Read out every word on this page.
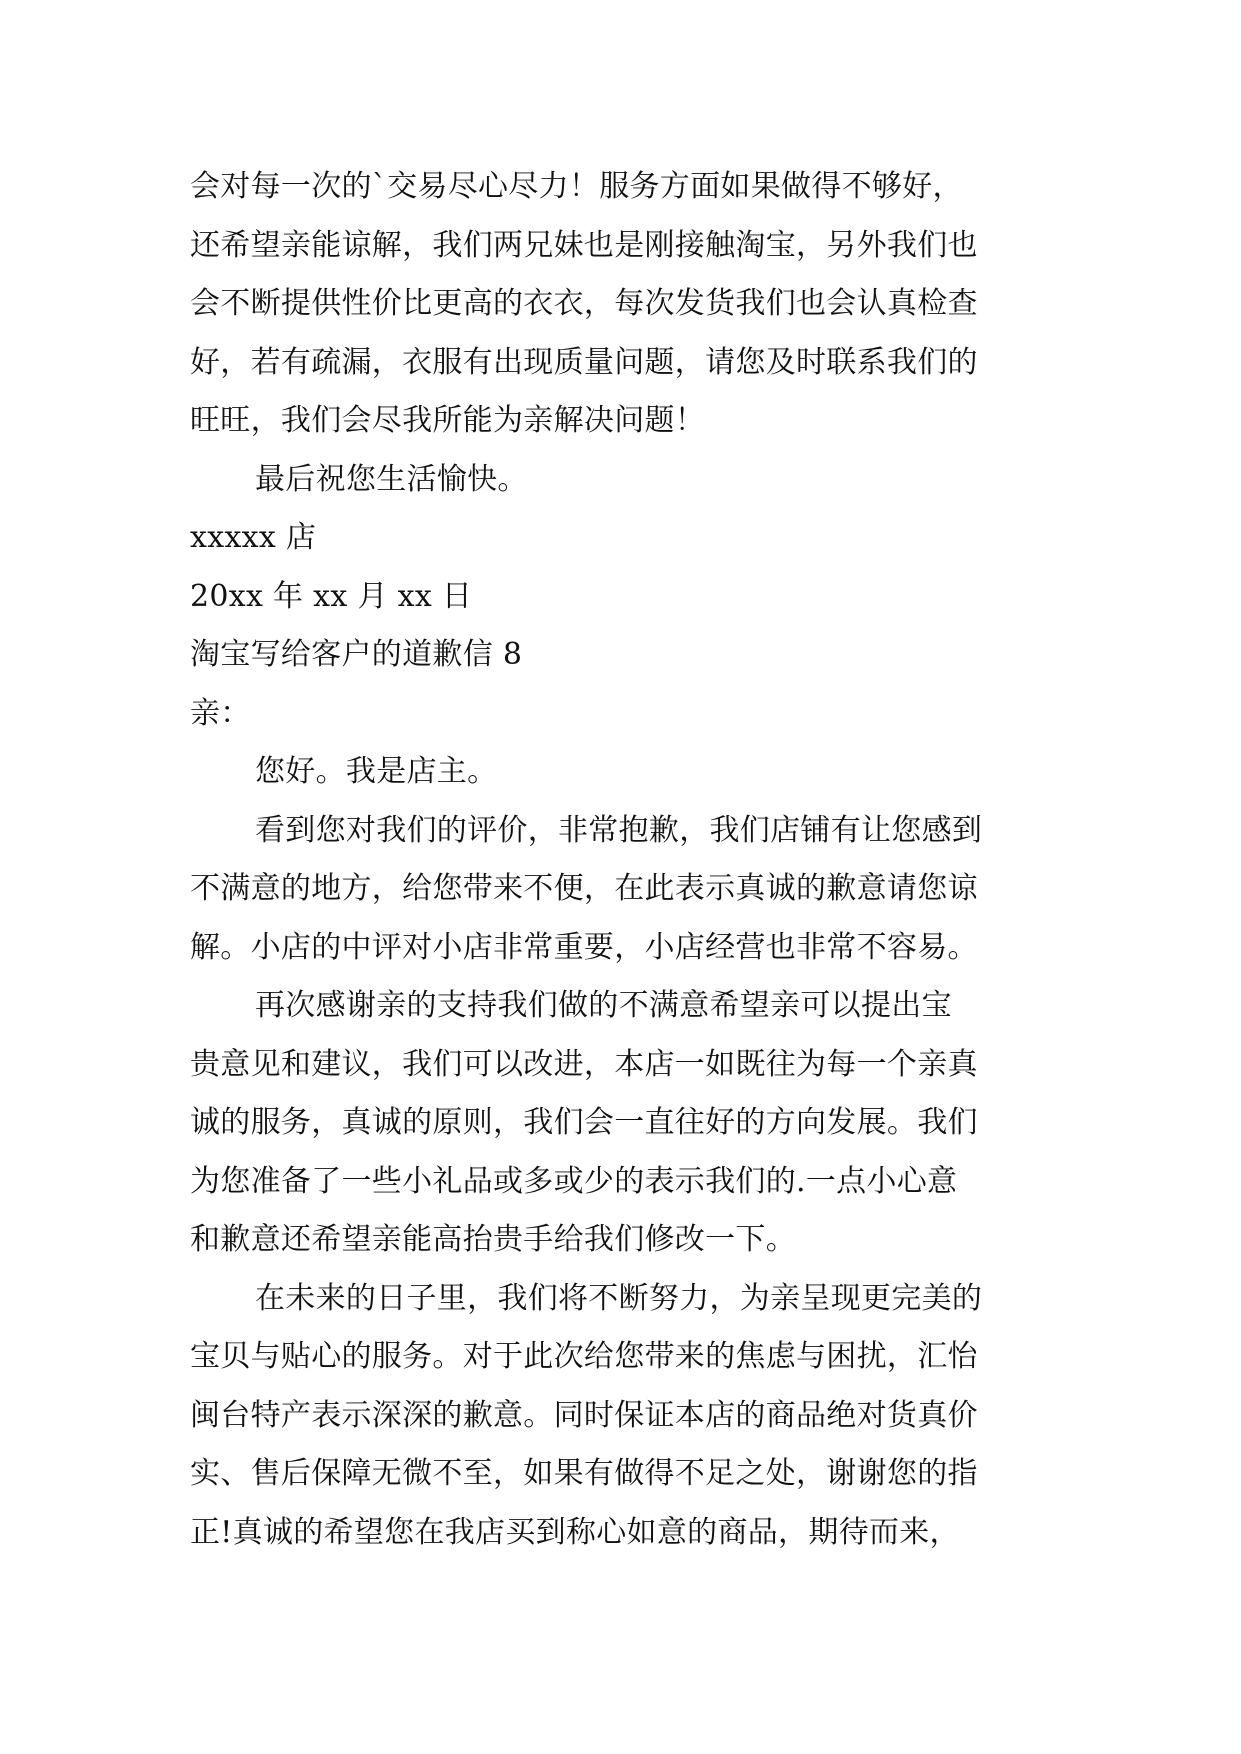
会对每一次的`交易尽心尽力！服务方面如果做得不够好，
还希望亲能谅解，我们两兄妹也是刚接触淘宝，另外我们也
会不断提供性价比更高的衣衣，每次发货我们也会认真检查
好，若有疏漏，衣服有出现质量问题，请您及时联系我们的
旺旺，我们会尽我所能为亲解决问题！
最后祝您生活愉快。
xxxxx 店
20xx 年 xx 月 xx 日
淘宝写给客户的道歉信 8
亲：
您好。我是店主。
看到您对我们的评价，非常抱歉，我们店铺有让您感到
不满意的地方，给您带来不便，在此表示真诚的歉意请您谅
解。小店的中评对小店非常重要，小店经营也非常不容易。
再次感谢亲的支持我们做的不满意希望亲可以提出宝
贵意见和建议，我们可以改进，本店一如既往为每一个亲真
诚的服务，真诚的原则，我们会一直往好的方向发展。我们
为您准备了一些小礼品或多或少的表示我们的.一点小心意
和歉意还希望亲能高抬贵手给我们修改一下。
在未来的日子里，我们将不断努力，为亲呈现更完美的
宝贝与贴心的服务。对于此次给您带来的焦虑与困扰，汇怡
闽台特产表示深深的歉意。同时保证本店的商品绝对货真价
实、售后保障无微不至，如果有做得不足之处，谢谢您的指
正!真诚的希望您在我店买到称心如意的商品，期待而来，
